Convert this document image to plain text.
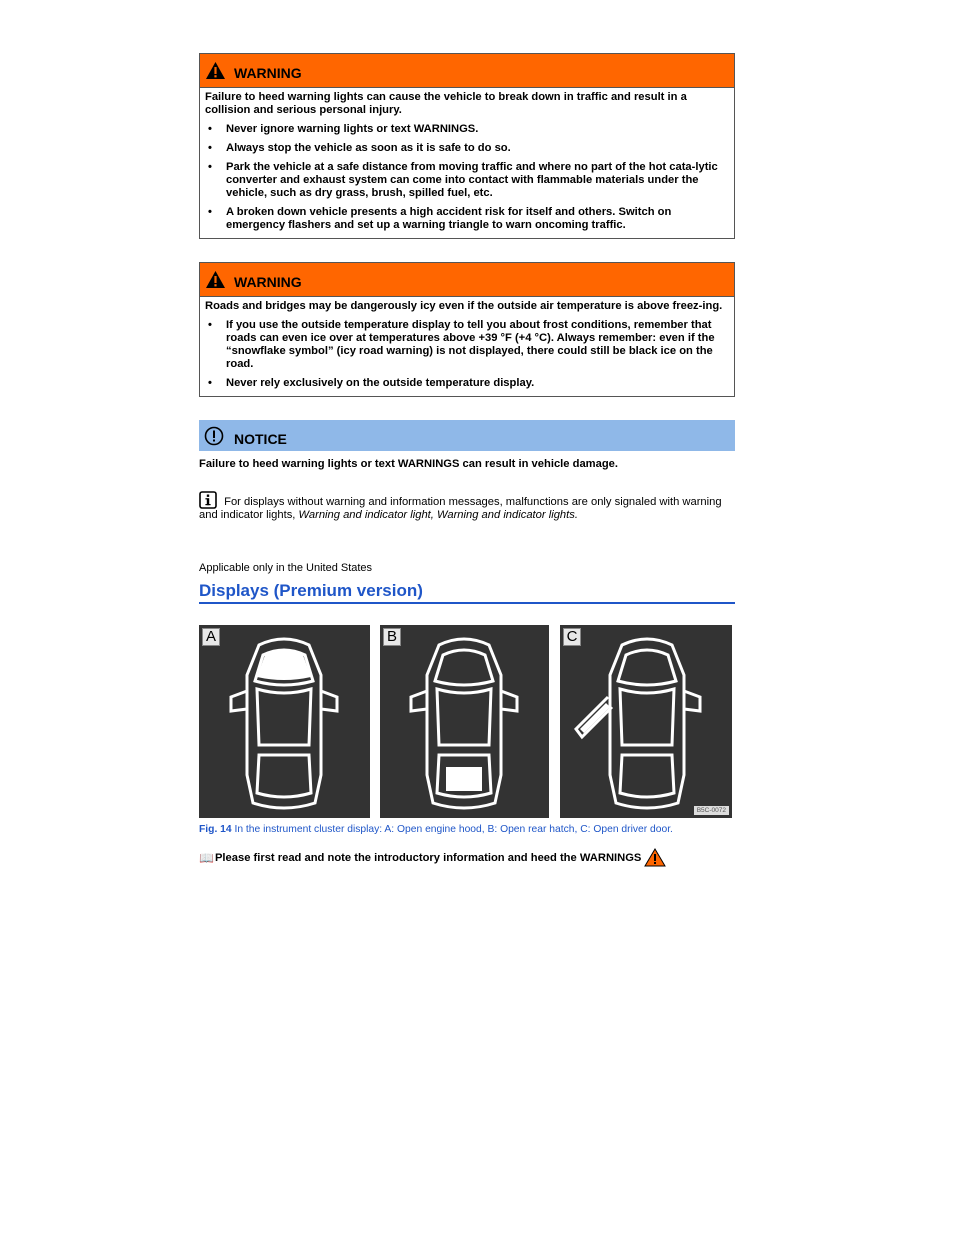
WARNING

Failure to heed warning lights can cause the vehicle to break down in traffic and result in a collision and serious personal injury.

•	Never ignore warning lights or text WARNINGS.
•	Always stop the vehicle as soon as it is safe to do so.
•	Park the vehicle at a safe distance from moving traffic and where no part of the hot cata-lytic converter and exhaust system can come into contact with flammable materials under the vehicle, such as dry grass, brush, spilled fuel, etc.
•	A broken down vehicle presents a high accident risk for itself and others. Switch on emergency flashers and set up a warning triangle to warn oncoming traffic.
WARNING

Roads and bridges may be dangerously icy even if the outside air temperature is above freez-ing.

•	If you use the outside temperature display to tell you about frost conditions, remember that roads can even ice over at temperatures above +39 °F (+4 °C). Always remember: even if the “snowflake symbol” (icy road warning) is not displayed, there could still be black ice on the road.
•	Never rely exclusively on the outside temperature display.
NOTICE
Failure to heed warning lights or text WARNINGS can result in vehicle damage.
For displays without warning and information messages, malfunctions are only signaled with warning and indicator lights, Warning and indicator light, Warning and indicator lights.
Applicable only in the United States
Displays (Premium version)
A	B	C
B5C-0072
Fig. 14 In the instrument cluster display: A: Open engine hood, B: Open rear hatch, C: Open driver door.
📖 Please first read and note the introductory information and heed the WARNINGS
